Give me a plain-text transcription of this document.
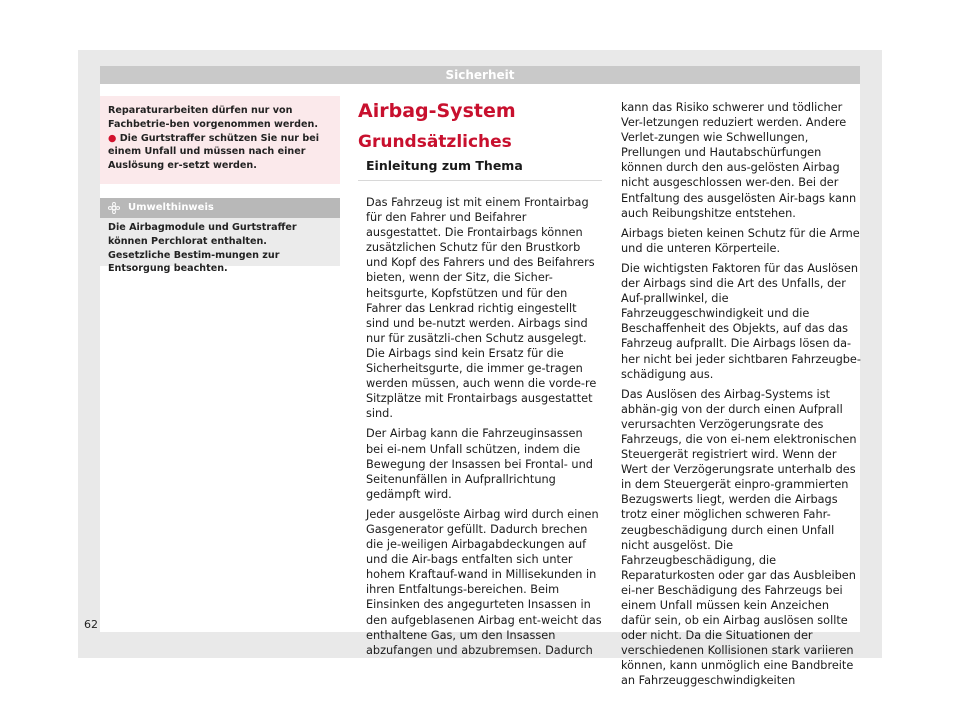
Sicherheit

Reparaturarbeiten dürfen nur von Fachbetrie-ben vorgenommen werden.

● Die Gurtstraffer schützen Sie nur bei einem Unfall und müssen nach einer Auslösung er-setzt werden.

Umwelthinweis
Die Airbagmodule und Gurtstraffer können Perchlorat enthalten. Gesetzliche Bestim-mungen zur Entsorgung beachten.
Airbag-System
Grundsätzliches
Einleitung zum Thema

Das Fahrzeug ist mit einem Frontairbag für den Fahrer und Beifahrer ausgestattet. Die Frontairbags können zusätzlichen Schutz für den Brustkorb und Kopf des Fahrers und des Beifahrers bieten, wenn der Sitz, die Sicher-heitsgurte, Kopfstützen und für den Fahrer das Lenkrad richtig eingestellt sind und be-nutzt werden. Airbags sind nur für zusätzli-chen Schutz ausgelegt. Die Airbags sind kein Ersatz für die Sicherheitsgurte, die immer ge-tragen werden müssen, auch wenn die vorde-re Sitzplätze mit Frontairbags ausgestattet sind.

Der Airbag kann die Fahrzeuginsassen bei ei-nem Unfall schützen, indem die Bewegung der Insassen bei Frontal- und Seitenunfällen in Aufprallrichtung gedämpft wird.

Jeder ausgelöste Airbag wird durch einen Gasgenerator gefüllt. Dadurch brechen die je-weiligen Airbagabdeckungen auf und die Air-bags entfalten sich unter hohem Kraftauf-wand in Millisekunden in ihren Entfaltungs-bereichen. Beim Einsinken des angegurteten Insassen in den aufgeblasenen Airbag ent-weicht das enthaltene Gas, um den Insassen abzufangen und abzubremsen. Dadurch

kann das Risiko schwerer und tödlicher Ver-letzungen reduziert werden. Andere Verlet-zungen wie Schwellungen, Prellungen und Hautabschürfungen können durch den aus-gelösten Airbag nicht ausgeschlossen wer-den. Bei der Entfaltung des ausgelösten Air-bags kann auch Reibungshitze entstehen.

Airbags bieten keinen Schutz für die Arme und die unteren Körperteile.

Die wichtigsten Faktoren für das Auslösen der Airbags sind die Art des Unfalls, der Auf-prallwinkel, die Fahrzeuggeschwindigkeit und die Beschaffenheit des Objekts, auf das das Fahrzeug aufprallt. Die Airbags lösen da-her nicht bei jeder sichtbaren Fahrzeugbe-schädigung aus.

Das Auslösen des Airbag-Systems ist abhän-gig von der durch einen Aufprall verursachten Verzögerungsrate des Fahrzeugs, die von ei-nem elektronischen Steuergerät registriert wird. Wenn der Wert der Verzögerungsrate unterhalb des in dem Steuergerät einpro-grammierten Bezugswerts liegt, werden die Airbags trotz einer möglichen schweren Fahr-zeugbeschädigung durch einen Unfall nicht ausgelöst. Die Fahrzeugbeschädigung, die Reparaturkosten oder gar das Ausbleiben ei-ner Beschädigung des Fahrzeugs bei einem Unfall müssen kein Anzeichen dafür sein, ob ein Airbag auslösen sollte oder nicht. Da die Situationen der verschiedenen Kollisionen stark variieren können, kann unmöglich eine Bandbreite an Fahrzeuggeschwindigkeiten

62
